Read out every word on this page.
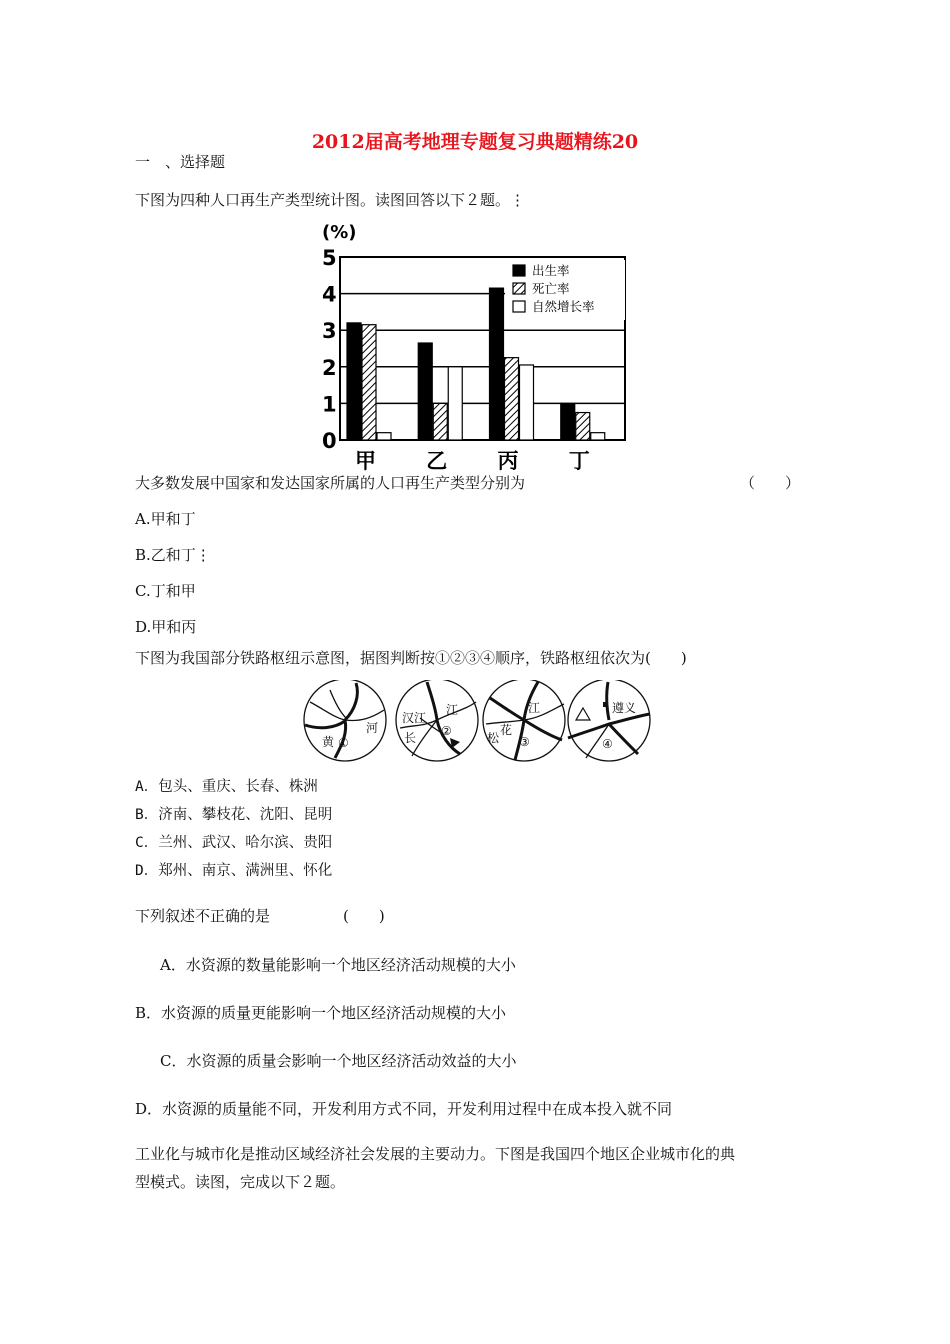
2012届高考地理专题复习典题精练20
一　、选择题
下图为四种人口再生产类型统计图。读图回答以下２题。⋮
(%)
0
1
2
3
4
5
甲 乙 丙 丁
出生率
死亡率
自然增长率
大多数发展中国家和发达国家所属的人口再生产类型分别为	（　　）
A.甲和丁
B.乙和丁⋮
C.丁和甲
D.甲和丙
下图为我国部分铁路枢纽示意图，据图判断按①②③④顺序，铁路枢纽依次为(　　)
黄 ①
河
汉江
江
长 ②
江
松
花
③
遵义
④
A．包头、重庆、长春、株洲
B．济南、攀枝花、沈阳、昆明
C．兰州、武汉、哈尔滨、贵阳
D．郑州、南京、满洲里、怀化
下列叙述不正确的是	(　　)
A．水资源的数量能影响一个地区经济活动规模的大小
B．水资源的质量更能影响一个地区经济活动规模的大小
C．水资源的质量会影响一个地区经济活动效益的大小
D．水资源的质量能不同，开发利用方式不同，开发利用过程中在成本投入就不同
工业化与城市化是推动区域经济社会发展的主要动力。下图是我国四个地区企业城市化的典
型模式。读图，完成以下２题。
